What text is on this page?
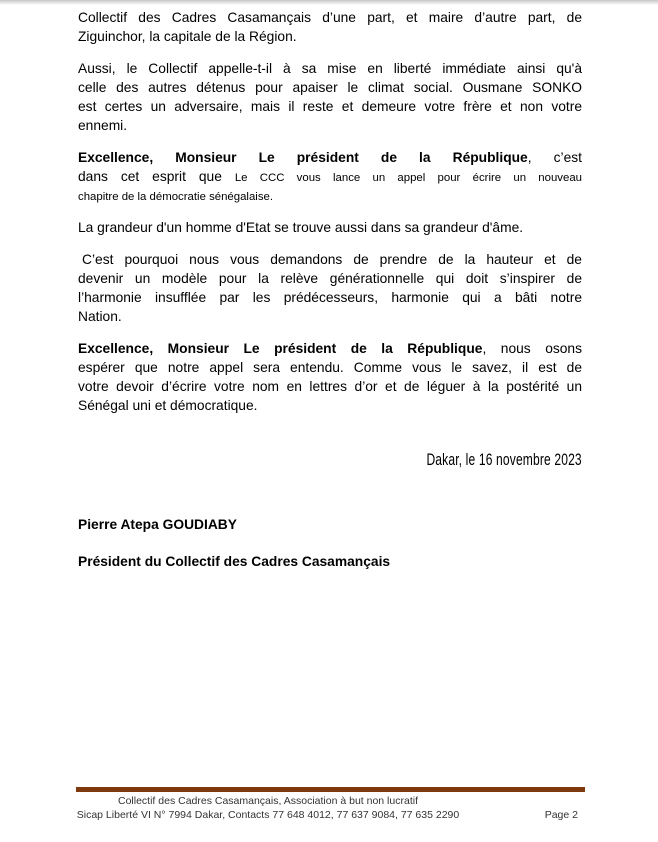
Collectif des Cadres Casamançais d’une part, et maire d’autre part, de
Ziguinchor, la capitale de la Région.
Aussi, le Collectif appelle-t-il à sa mise en liberté immédiate ainsi qu'à
celle des autres détenus pour apaiser le climat social. Ousmane SONKO
est certes un adversaire, mais il reste et demeure votre frère et non votre
ennemi.
Excellence, Monsieur Le président de la République, c’est
dans cet esprit que Le CCC vous lance un appel pour écrire un nouveau
chapitre de la démocratie sénégalaise.
La grandeur d'un homme d'Etat se trouve aussi dans sa grandeur d'âme.
C’est pourquoi nous vous demandons de prendre de la hauteur et de
devenir un modèle pour la relève générationnelle qui doit s’inspirer de
l’harmonie insufflée par les prédécesseurs, harmonie qui a bâti notre
Nation.
Excellence, Monsieur Le président de la République, nous osons
espérer que notre appel sera entendu. Comme vous le savez, il est de
votre devoir d’écrire votre nom en lettres d’or et de léguer à la postérité un
Sénégal uni et démocratique.
Dakar, le 16 novembre 2023
Pierre Atepa GOUDIABY
Président du Collectif des Cadres Casamançais
Collectif des Cadres Casamançais, Association à but non lucratif
Sicap Liberté VI N° 7994 Dakar, Contacts 77 648 4012, 77 637 9084, 77 635 2290	Page 2
